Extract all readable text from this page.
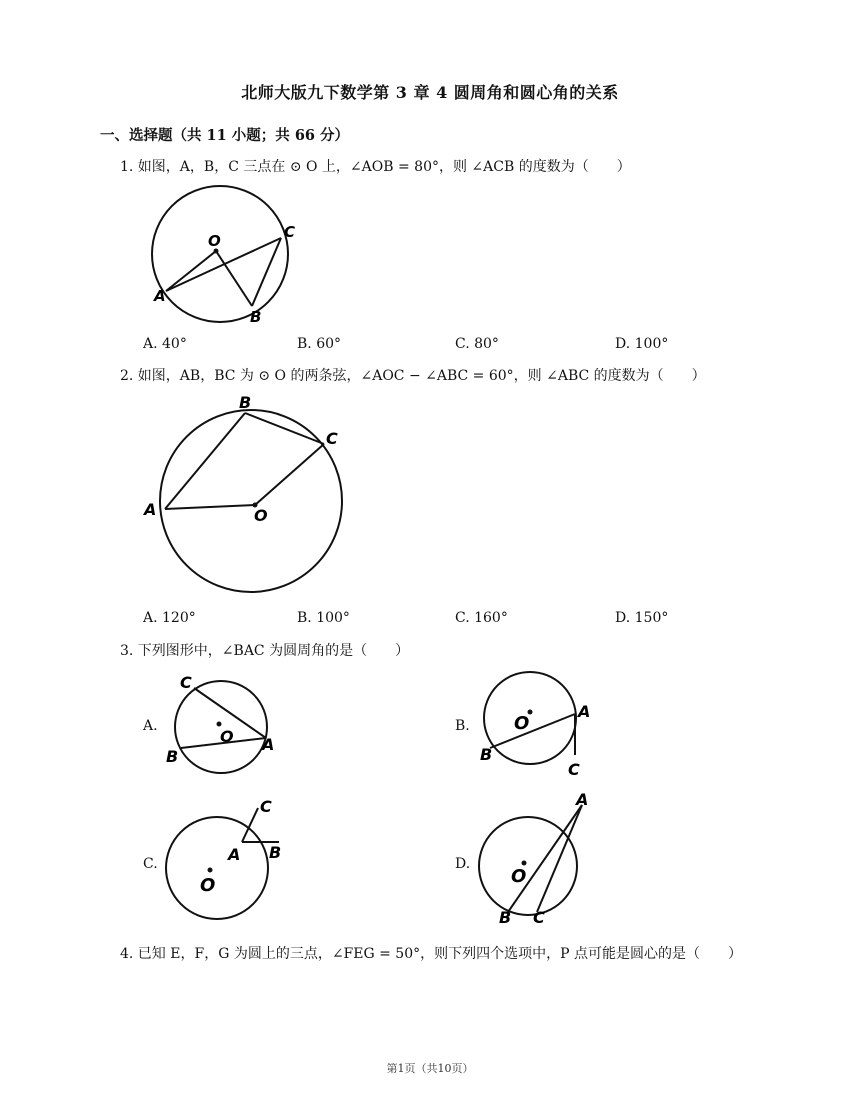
北师大版九下数学第 3 章 4 圆周角和圆心角的关系
一、选择题（共 11 小题；共 66 分）
1. 如图，A，B，C 三点在 ⊙ O 上，∠AOB = 80°，则 ∠ACB 的度数为（　　）
O	C
A
B
A. 40°	B. 60°	C. 80°	D. 100°
2. 如图，AB，BC 为 ⊙ O 的两条弦，∠AOC − ∠ABC = 60°，则 ∠ABC 的度数为（　　）
B
C
A	O
A. 120°	B. 100°	C. 160°	D. 150°
3. 下列图形中，∠BAC 为圆周角的是（　　）
A.
C
O
B
A
B. O
A
B
C
C.
C
A B
O
D.
A
O
B C
4. 已知 E，F，G 为圆上的三点，∠FEG = 50°，则下列四个选项中，P 点可能是圆心的是（　　）
第1页（共10页）
